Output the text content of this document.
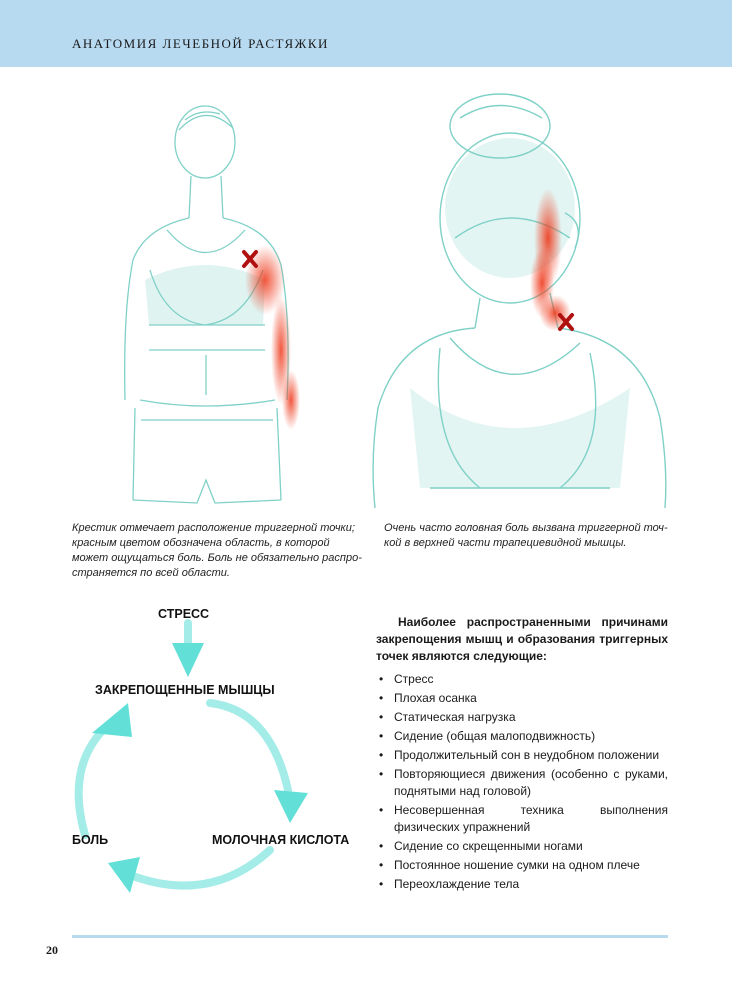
АНАТОМИЯ ЛЕЧЕБНОЙ РАСТЯЖКИ
Крестик отмечает расположение триггерной точки;
красным цветом обозначена область, в которой
может ощущаться боль. Боль не обязательно распро-
страняется по всей области.
Очень часто головная боль вызвана триггерной точ-
кой в верхней части трапециевидной мышцы.
СТРЕСС
ЗАКРЕПОЩЕННЫЕ МЫШЦЫ
МОЛОЧНАЯ КИСЛОТА
БОЛЬ

Наиболее распространенными причинами закрепощения мышц и образования триггерных точек являются следующие:

• Стресс
• Плохая осанка
• Статическая нагрузка
• Сидение (общая малоподвижность)
• Продолжительный сон в неудобном положении
• Повторяющиеся движения (особенно с руками, поднятыми над головой)
• Несовершенная техника выполнения физических упражнений
• Сидение со скрещенными ногами
• Постоянное ношение сумки на одном плече
• Переохлаждение тела
20
